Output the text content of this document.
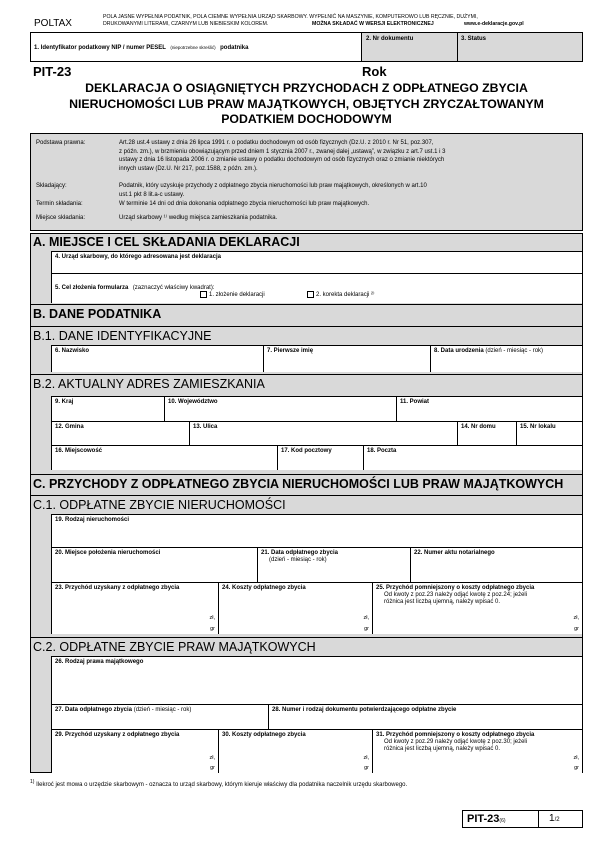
POLTAX
POLA JASNE WYPEŁNIA PODATNIK, POLA CIEMNE WYPEŁNIA URZĄD SKARBOWY. WYPEŁNIĆ NA MASZYNIE, KOMPUTEROWO LUB RĘCZNIE, DUŻYMI,
DRUKOWANYMI LITERAMI, CZARNYM LUB NIEBIESKIM KOLOREM.	MOŻNA SKŁADAĆ W WERSJI ELEKTRONICZNEJ	www.e-deklaracje.gov.pl
1. Identyfikator podatkowy NIP / numer PESEL (niepotrzebne skreślić) podatnika
2. Nr dokumentu	3. Status
PIT-23	Rok
DEKLARACJA O OSIĄGNIĘTYCH PRZYCHODACH Z ODPŁATNEGO ZBYCIA
NIERUCHOMOŚCI LUB PRAW MAJĄTKOWYCH, OBJĘTYCH ZRYCZAŁTOWANYM
PODATKIEM DOCHODOWYM
Podstawa prawna:	Art.28 ust.4 ustawy z dnia 26 lipca 1991 r. o podatku dochodowym od osób fizycznych (Dz.U. z 2010 r. Nr 51, poz.307,
z późn. zm.), w brzmieniu obowiązującym przed dniem 1 stycznia 2007 r., zwanej dalej „ustawą”, w związku z art.7 ust.1 i 3
ustawy z dnia 16 listopada 2006 r. o zmianie ustawy o podatku dochodowym od osób fizycznych oraz o zmianie niektórych
innych ustaw (Dz.U. Nr 217, poz.1588, z późn. zm.).
Składający:	Podatnik, który uzyskuje przychody z odpłatnego zbycia nieruchomości lub praw majątkowych, określonych w art.10
ust.1 pkt 8 lit.a-c ustawy.
Termin składania:	W terminie 14 dni od dnia dokonania odpłatnego zbycia nieruchomości lub praw majątkowych.
Miejsce składania:	Urząd skarbowy ¹⁾ według miejsca zamieszkania podatnika.
A. MIEJSCE I CEL SKŁADANIA DEKLARACJI
4. Urząd skarbowy, do którego adresowana jest deklaracja
5. Cel złożenia formularza (zaznaczyć właściwy kwadrat):
1. złożenie deklaracji	2. korekta deklaracji ²⁾
B. DANE PODATNIKA
B.1. DANE IDENTYFIKACYJNE
6. Nazwisko	7. Pierwsze imię	8. Data urodzenia (dzień - miesiąc - rok)
B.2. AKTUALNY ADRES ZAMIESZKANIA
9. Kraj	10. Województwo	11. Powiat
12. Gmina	13. Ulica	14. Nr domu	15. Nr lokalu
16. Miejscowość	17. Kod pocztowy	18. Poczta
C. PRZYCHODY Z ODPŁATNEGO ZBYCIA NIERUCHOMOŚCI LUB PRAW MAJĄTKOWYCH
C.1. ODPŁATNE ZBYCIE NIERUCHOMOŚCI
19. Rodzaj nieruchomości
20. Miejsce położenia nieruchomości	21. Data odpłatnego zbycia
(dzień - miesiąc - rok)
22. Numer aktu notarialnego
23. Przychód uzyskany z odpłatnego zbycia
zł,
gr
24. Koszty odpłatnego zbycia
zł,
gr
25. Przychód pomniejszony o koszty odpłatnego zbycia
Od kwoty z poz.23 należy odjąć kwotę z poz.24; jeżeli
różnica jest liczbą ujemną, należy wpisać 0.
zł,
gr
C.2. ODPŁATNE ZBYCIE PRAW MAJĄTKOWYCH
26. Rodzaj prawa majątkowego
27. Data odpłatnego zbycia (dzień - miesiąc - rok)	28. Numer i rodzaj dokumentu potwierdzającego odpłatne zbycie
29. Przychód uzyskany z odpłatnego zbycia
zł,
gr
30. Koszty odpłatnego zbycia
zł,
gr
31. Przychód pomniejszony o koszty odpłatnego zbycia
Od kwoty z poz.29 należy odjąć kwotę z poz.30; jeżeli
różnica jest liczbą ujemną, należy wpisać 0.
zł,
gr
$^{1)}$ Ilekroć jest mowa o urzędzie skarbowym - oznacza to urząd skarbowy, którym kieruje właściwy dla podatnika naczelnik urzędu skarbowego.
PIT-23(6)	1/2
